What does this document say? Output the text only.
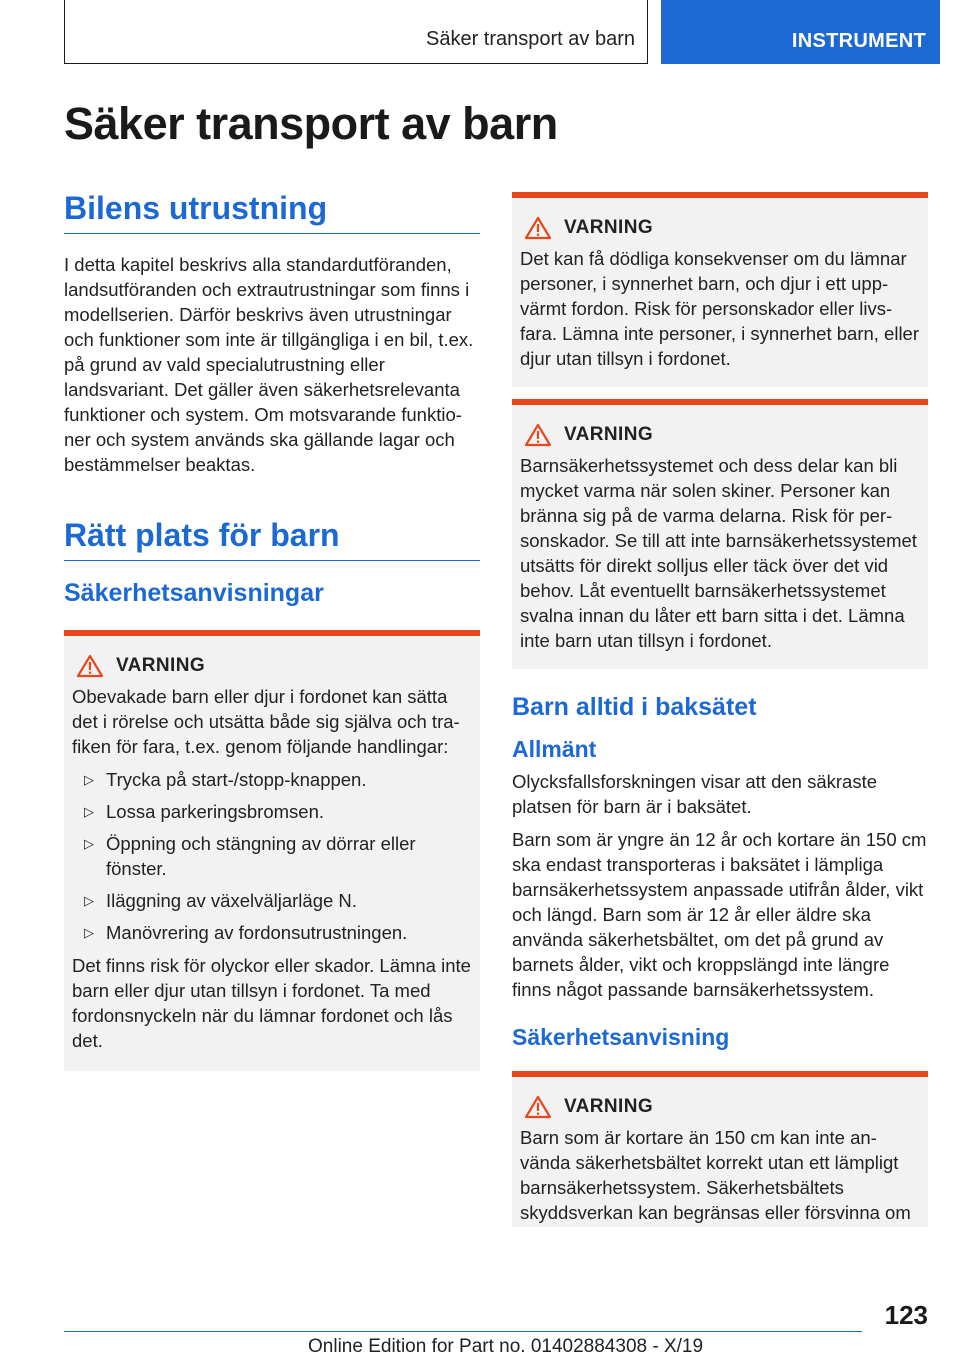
Säker transport av barn	INSTRUMENT
Säker transport av barn
Bilens utrustning

I detta kapitel beskrivs alla standardutföranden, landsutföranden och extrautrustningar som finns i modellserien. Därför beskrivs även utrustningar och funktioner som inte är tillgängliga i en bil, t.ex. på grund av vald specialutrustning eller landsvariant. Det gäller även säkerhetsrelevanta funktioner och system. Om motsvarande funktioner och system används ska gällande lagar och bestämmelser beaktas.

Rätt plats för barn
Säkerhetsanvisningar
VARNING

Obevakade barn eller djur i fordonet kan sätta det i rörelse och utsätta både sig själva och trafiken för fara, t.ex. genom följande handlingar:

▷ Trycka på start-/stopp-knappen.
▷ Lossa parkeringsbromsen.
▷ Öppning och stängning av dörrar eller fönster.
▷ Iläggning av växelväljarläge N.
▷ Manövrering av fordonsutrustningen.

Det finns risk för olyckor eller skador. Lämna inte barn eller djur utan tillsyn i fordonet. Ta med fordonsnyckeln när du lämnar fordonet och lås det.

VARNING

Det kan få dödliga konsekvenser om du lämnar personer, i synnerhet barn, och djur i ett uppvärmt fordon. Risk för personskador eller livsfara. Lämna inte personer, i synnerhet barn, eller djur utan tillsyn i fordonet.

VARNING

Barnsäkerhetssystemet och dess delar kan bli mycket varma när solen skiner. Personer kan bränna sig på de varma delarna. Risk för personskador. Se till att inte barnsäkerhetssystemet utsätts för direkt solljus eller täck över det vid behov. Låt eventuellt barnsäkerhetssystemet svalna innan du låter ett barn sitta i det. Lämna inte barn utan tillsyn i fordonet.

Barn alltid i baksätet
Allmänt

Olycksfallsforskningen visar att den säkraste platsen för barn är i baksätet.

Barn som är yngre än 12 år och kortare än 150 cm ska endast transporteras i baksätet i lämpliga barnsäkerhetssystem anpassade utifrån ålder, vikt och längd. Barn som är 12 år eller äldre ska använda säkerhetsbältet, om det på grund av barnets ålder, vikt och kroppslängd inte längre finns något passande barnsäkerhetssystem.

Säkerhetsanvisning
VARNING

Barn som är kortare än 150 cm kan inte använda säkerhetsbältet korrekt utan ett lämpligt barnsäkerhetssystem. Säkerhetsbältets skyddsverkan kan begränsas eller försvinna om

123
Online Edition for Part no. 01402884308 - X/19
